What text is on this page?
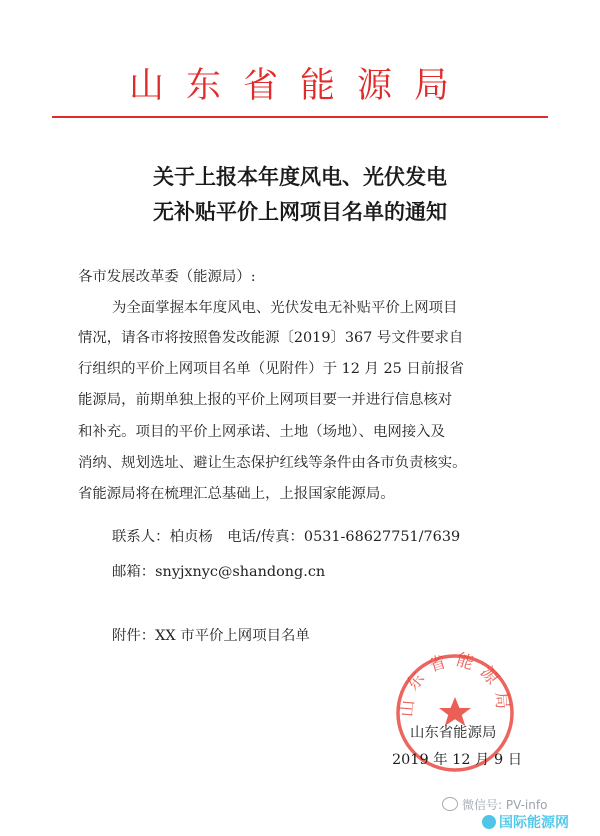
山东省能源局
关于上报本年度风电、光伏发电
无补贴平价上网项目名单的通知
各市发展改革委（能源局）:
为全面掌握本年度风电、光伏发电无补贴平价上网项目
情况，请各市将按照鲁发改能源〔2019〕367 号文件要求自
行组织的平价上网项目名单（见附件）于 12 月 25 日前报省
能源局，前期单独上报的平价上网项目要一并进行信息核对
和补充。项目的平价上网承诺、土地（场地）、电网接入及
消纳、规划选址、避让生态保护红线等条件由各市负责核实。
省能源局将在梳理汇总基础上，上报国家能源局。
联系人：柏贞杨　电话/传真：0531-68627751/7639
邮箱：snyjxnyc@shandong.cn
附件：XX 市平价上网项目名单
山东省能源局
山东省能源局
2019 年 12 月 9 日
微信号: PV-info
国际能源网
